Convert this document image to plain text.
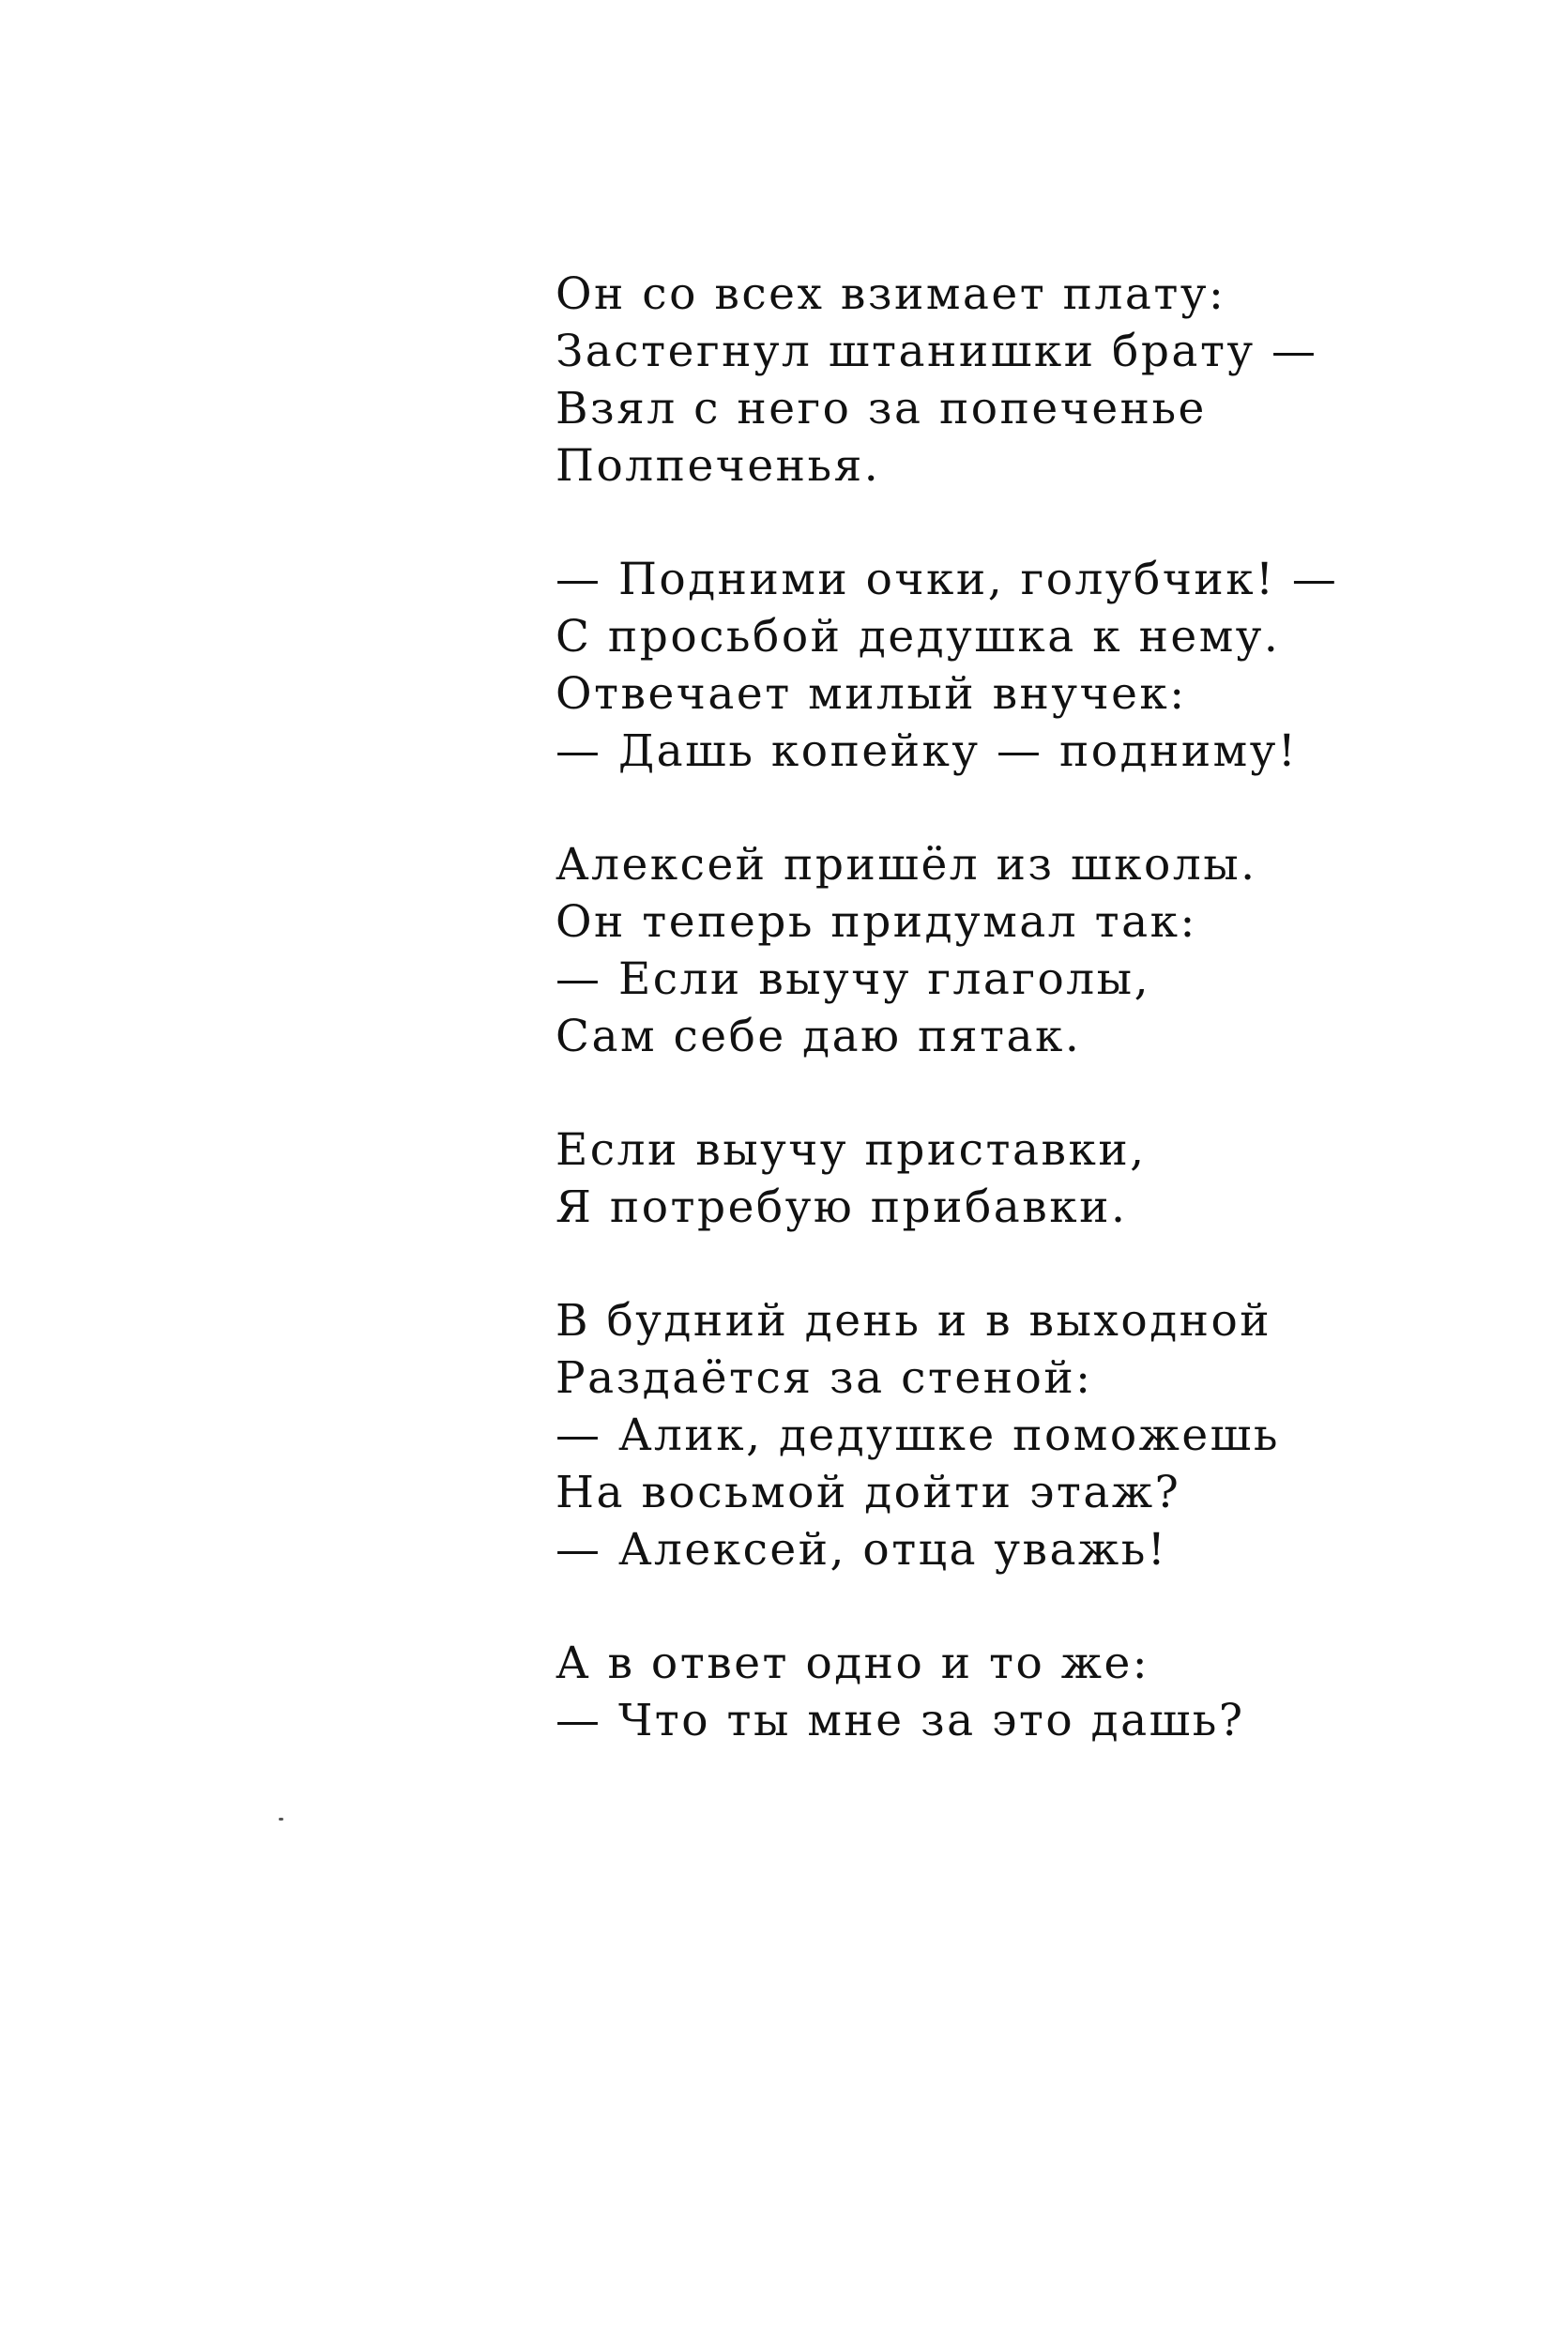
Он со всех взимает плату:
Застегнул штанишки брату —
Взял с него за попеченье
Полпеченья.
— Подними очки, голубчик! —
С просьбой дедушка к нему.
Отвечает милый внучек:
— Дашь копейку — подниму!
Алексей пришёл из школы.
Он теперь придумал так:
— Если выучу глаголы,
Сам себе даю пятак.
Если выучу приставки,
Я потребую прибавки.
В будний день и в выходной
Раздаётся за стеной:
— Алик, дедушке поможешь
На восьмой дойти этаж?
— Алексей, отца уважь!
А в ответ одно и то же:
— Что ты мне за это дашь?
